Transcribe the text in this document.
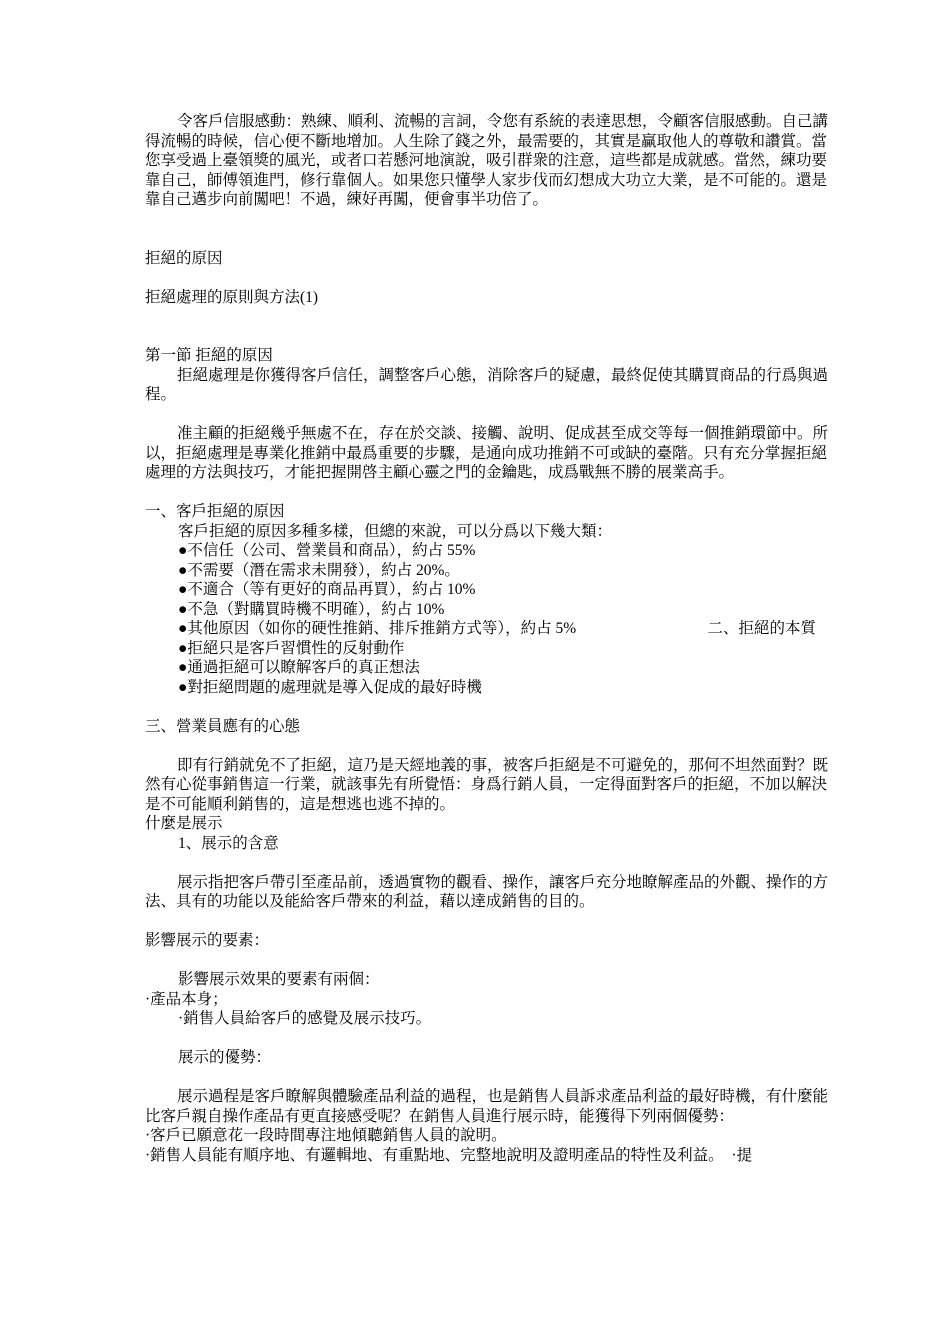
令客戶信服感動：熟練、順利、流暢的言詞，令您有系統的表達思想，令顧客信服感動。自己講得流暢的時候，信心便不斷地增加。人生除了錢之外，最需要的，其實是贏取他人的尊敬和讚賞。當您享受過上臺領獎的風光，或者口若懸河地演說，吸引群衆的注意，這些都是成就感。當然，練功要靠自己，師傅領進門，修行靠個人。如果您只懂學人家步伐而幻想成大功立大業，是不可能的。還是靠自己邁步向前闖吧！不過，練好再闖，便會事半功倍了。

拒絕的原因

拒絕處理的原則與方法(1)

第一節 拒絕的原因

拒絕處理是你獲得客戶信任，調整客戶心態，消除客戶的疑慮，最終促使其購買商品的行爲與過程。

准主顧的拒絕幾乎無處不在，存在於交談、接觸、說明、促成甚至成交等每一個推銷環節中。所以，拒絕處理是專業化推銷中最爲重要的步驟，是通向成功推銷不可或缺的臺階。只有充分掌握拒絕處理的方法與技巧，才能把握開啓主顧心靈之門的金鑰匙，成爲戰無不勝的展業高手。

一、客戶拒絕的原因

客戶拒絕的原因多種多樣，但總的來說，可以分爲以下幾大類：

●不信任（公司、營業員和商品），約占 55%

●不需要（潛在需求未開發），約占 20%。

●不適合（等有更好的商品再買），約占 10%

●不急（對購買時機不明確），約占 10%

●其他原因（如你的硬性推銷、排斥推銷方式等），約占 5%	二、拒絕的本質

●拒絕只是客戶習慣性的反射動作

●通過拒絕可以瞭解客戶的真正想法

●對拒絕問題的處理就是導入促成的最好時機

三、營業員應有的心態

即有行銷就免不了拒絕，這乃是天經地義的事，被客戶拒絕是不可避免的，那何不坦然面對？既然有心從事銷售這一行業，就該事先有所覺悟：身爲行銷人員，一定得面對客戶的拒絕，不加以解決是不可能順利銷售的，這是想逃也逃不掉的。

什麼是展示

1、展示的含意

展示指把客戶帶引至產品前，透過實物的觀看、操作，讓客戶充分地瞭解產品的外觀、操作的方法、具有的功能以及能給客戶帶來的利益，藉以達成銷售的目的。

影響展示的要素：

影響展示效果的要素有兩個：

·產品本身；

·銷售人員給客戶的感覺及展示技巧。

展示的優勢：

展示過程是客戶瞭解與體驗產品利益的過程，也是銷售人員訴求產品利益的最好時機，有什麼能比客戶親自操作產品有更直接感受呢？在銷售人員進行展示時，能獲得下列兩個優勢：

·客戶已願意花一段時間專注地傾聽銷售人員的說明。

·銷售人員能有順序地、有邏輯地、有重點地、完整地說明及證明產品的特性及利益。　·提
